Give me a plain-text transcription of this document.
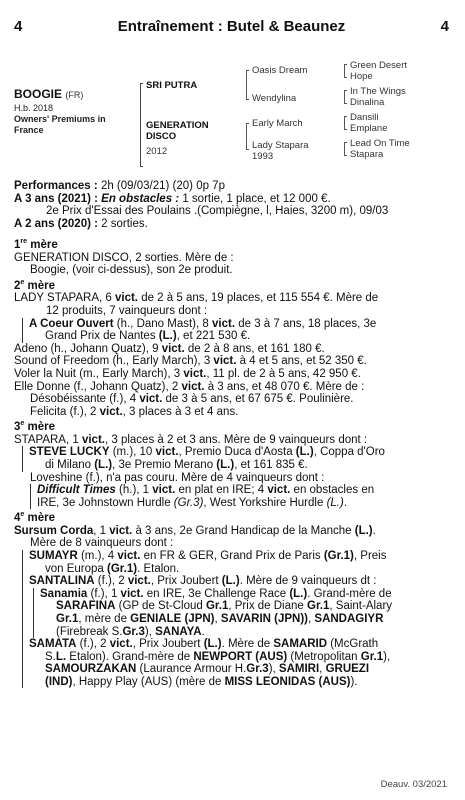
4	Entraînement : Butel & Beaunez	4
BOOGIE (FR)
H.b. 2018
Owners' Premiums in France
SRI PUTRA
GENERATION DISCO
2012
Oasis Dream
Wendylina
Early March
Lady Stapara
1993
Green Desert
Hope
In The Wings
Dinalina
Dansili
Emplane
Lead On Time
Stapara

Performances : 2h (09/03/21) (20) 0p 7p

A 3 ans (2021) : En obstacles : 1 sortie, 1 place, et 12 000 €.

2e Prix d'Essai des Poulains .(Compiègne, l, Haies, 3200 m), 09/03

A 2 ans (2020) : 2 sorties.

1re mère

GENERATION DISCO, 2 sorties. Mère de :

Boogie, (voir ci-dessus), son 2e produit.

2e mère

LADY STAPARA, 6 vict. de 2 à 5 ans, 19 places, et 115 554 €. Mère de

12 produits, 7 vainqueurs dont :

A Coeur Ouvert (h., Dano Mast), 8 vict. de 3 à 7 ans, 18 places, 3e

Grand Prix de Nantes (L.), et 221 530 €.

Adeno (h., Johann Quatz), 9 vict. de 2 à 8 ans, et 161 180 €.

Sound of Freedom (h., Early March), 3 vict. à 4 et 5 ans, et 52 350 €.

Voler la Nuit (m., Early March), 3 vict., 11 pl. de 2 à 5 ans, 42 950 €.

Elle Donne (f., Johann Quatz), 2 vict. à 3 ans, et 48 070 €. Mère de :

Désobéissante (f.), 4 vict. de 3 à 5 ans, et 67 675 €. Poulinière.

Felicita (f.), 2 vict., 3 places à 3 et 4 ans.

3e mère

STAPARA, 1 vict., 3 places à 2 et 3 ans. Mère de 9 vainqueurs dont :

STEVE LUCKY (m.), 10 vict., Premio Duca d'Aosta (L.), Coppa d'Oro

di Milano (L.), 3e Premio Merano (L.), et 161 835 €.

Loveshine (f.), n'a pas couru. Mère de 4 vainqueurs dont :

Difficult Times (h.), 1 vict. en plat en IRE; 4 vict. en obstacles en

IRE, 3e Johnstown Hurdle (Gr.3), West Yorkshire Hurdle (L.).

4e mère

Sursum Corda, 1 vict. à 3 ans, 2e Grand Handicap de la Manche (L.).

Mère de 8 vainqueurs dont :

SUMAYR (m.), 4 vict. en FR & GER, Grand Prix de Paris (Gr.1), Preis

von Europa (Gr.1). Etalon.

SANTALINA (f.), 2 vict., Prix Joubert (L.). Mère de 9 vainqueurs dt :

Sanamia (f.), 1 vict. en IRE, 3e Challenge Race (L.). Grand-mère de

SARAFINA (GP de St-Cloud Gr.1, Prix de Diane Gr.1, Saint-Alary

Gr.1, mère de GENIALE (JPN), SAVARIN (JPN)), SANDAGIYR

(Firebreak S.Gr.3), SANAYA.

SAMATA (f.), 2 vict., Prix Joubert (L.). Mère de SAMARID (McGrath

S.L. Etalon). Grand-mère de NEWPORT (AUS) (Metropolitan Gr.1),

SAMOURZAKAN (Laurance Armour H.Gr.3), SAMIRI, GRUEZI

(IND), Happy Play (AUS) (mère de MISS LEONIDAS (AUS)).

Deauv. 03/2021
